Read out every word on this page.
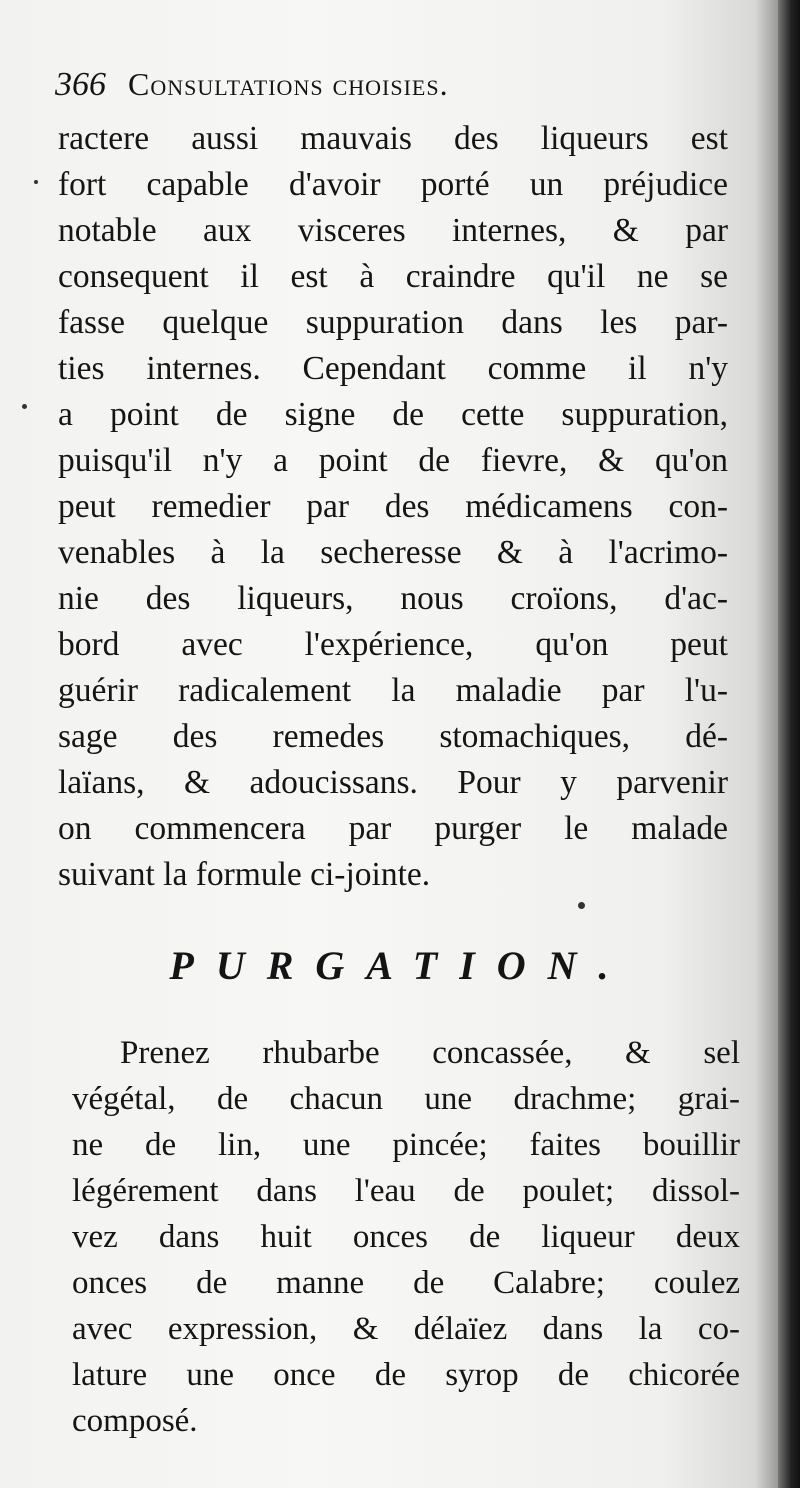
366 Consultations choisies.
ractere aussi mauvais des liqueurs est
fort capable d'avoir porté un préjudice
notable aux visceres internes, & par
consequent il est à craindre qu'il ne se
fasse quelque suppuration dans les par-
ties internes. Cependant comme il n'y
a point de signe de cette suppuration,
puisqu'il n'y a point de fievre, & qu'on
peut remedier par des médicamens con-
venables à la secheresse & à l'acrimo-
nie des liqueurs, nous croïons, d'ac-
bord avec l'expérience, qu'on peut
guérir radicalement la maladie par l'u-
sage des remedes stomachiques, dé-
laïans, & adoucissans. Pour y parvenir
on commencera par purger le malade
suivant la formule ci-jointe.
PURGATION.
Prenez rhubarbe concassée, & sel
végétal, de chacun une drachme; grai-
ne de lin, une pincée; faites bouillir
légérement dans l'eau de poulet; dissol-
vez dans huit onces de liqueur deux
onces de manne de Calabre; coulez
avec expression, & délaïez dans la co-
lature une once de syrop de chicorée
composé.
